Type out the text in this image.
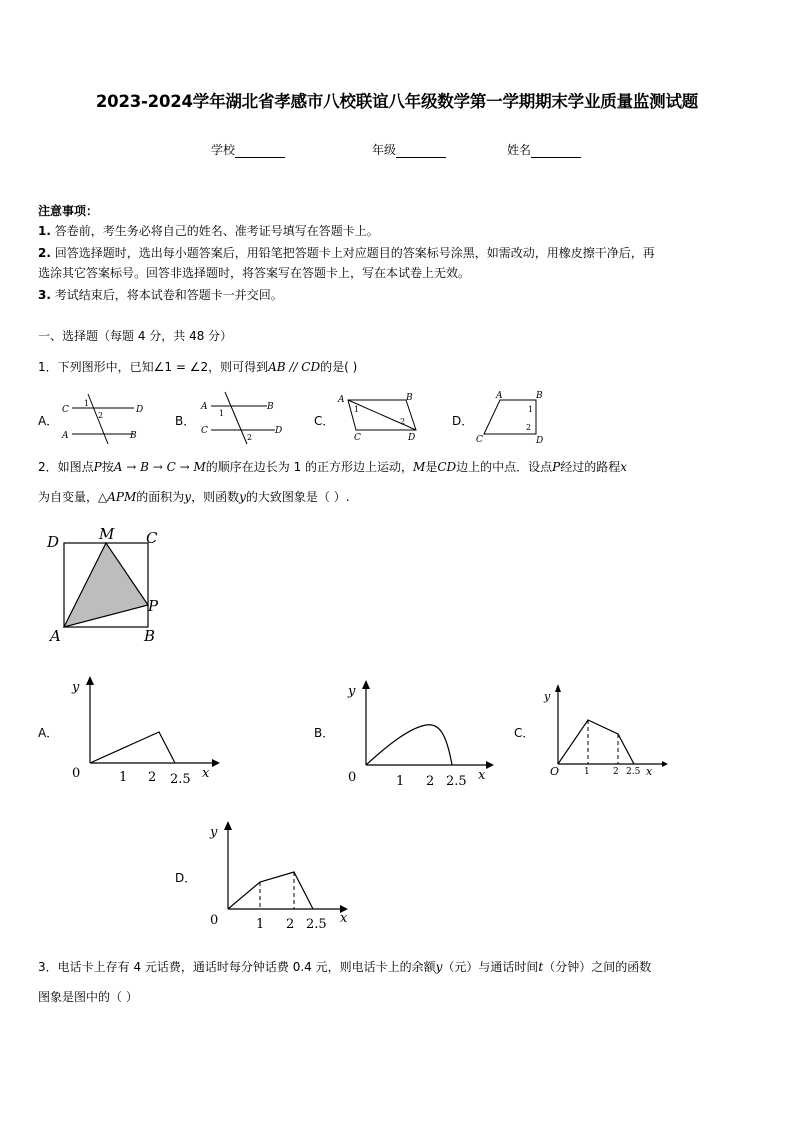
2023-2024学年湖北省孝感市八校联谊八年级数学第一学期期末学业质量监测试题
学校	年级	姓名
注意事项：
1. 答卷前，考生务必将自己的姓名、准考证号填写在答题卡上。
2. 回答选择题时，选出每小题答案后，用铅笔把答题卡上对应题目的答案标号涂黑，如需改动，用橡皮擦干净后，再
选涂其它答案标号。回答非选择题时，将答案写在答题卡上，写在本试卷上无效。
3. 考试结束后，将本试卷和答题卡一并交回。
一、选择题（每题 4 分，共 48 分）
1．下列图形中，已知∠1 = ∠2，则可得到AB // CD的是( )
A．
C	D
A	B
1
2	B．
A	B
C	D
1
2
C．
A	B
C	D
1
2	D．
A	B
C	D
1
2
2．如图点P按A → B → C → M的顺序在边长为 1 的正方形边上运动，M是CD边上的中点．设点P经过的路程x
为自变量，△APM的面积为y，则函数y的大致图象是（ ）.
D	M C
P
A	B
A．
y
0	1 2 2.5 x
B．
y
0	1 2 2.5 x
C．
y
O	1	2 2.5 x
D．
y
0	1 2 2.5 x
3．电话卡上存有 4 元话费，通话时每分钟话费 0.4 元，则电话卡上的余额y（元）与通话时间t（分钟）之间的函数
图象是图中的（ ）
